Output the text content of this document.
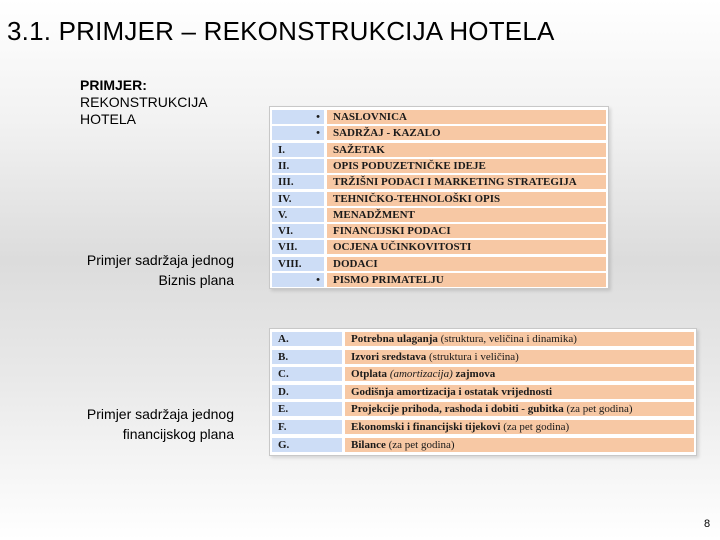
3.1. PRIMJER – REKONSTRUKCIJA HOTELA
PRIMJER:
REKONSTRUKCIJA
HOTELA
Primjer sadržaja jednog
Biznis plana
Primjer sadržaja jednog
financijskog plana
•	NASLOVNICA
•	SADRŽAJ - KAZALO
I.	SAŽETAK
II.	OPIS PODUZETNIČKE IDEJE
III.	TRŽIŠNI PODACI I MARKETING STRATEGIJA
IV.	TEHNIČKO-TEHNOLOŠKI OPIS
V.	MENADŽMENT
VI.	FINANCIJSKI PODACI
VII.	OCJENA UČINKOVITOSTI
VIII.	DODACI
•	PISMO PRIMATELJU
A.	Potrebna ulaganja (struktura, veličina i dinamika)
B.	Izvori sredstava (struktura i veličina)
C.	Otplata (amortizacija) zajmova
D.	Godišnja amortizacija i ostatak vrijednosti
E.	Projekcije prihoda, rashoda i dobiti - gubitka (za pet godina)
F.	Ekonomski i financijski tijekovi (za pet godina)
G.	Bilance (za pet godina)
8
